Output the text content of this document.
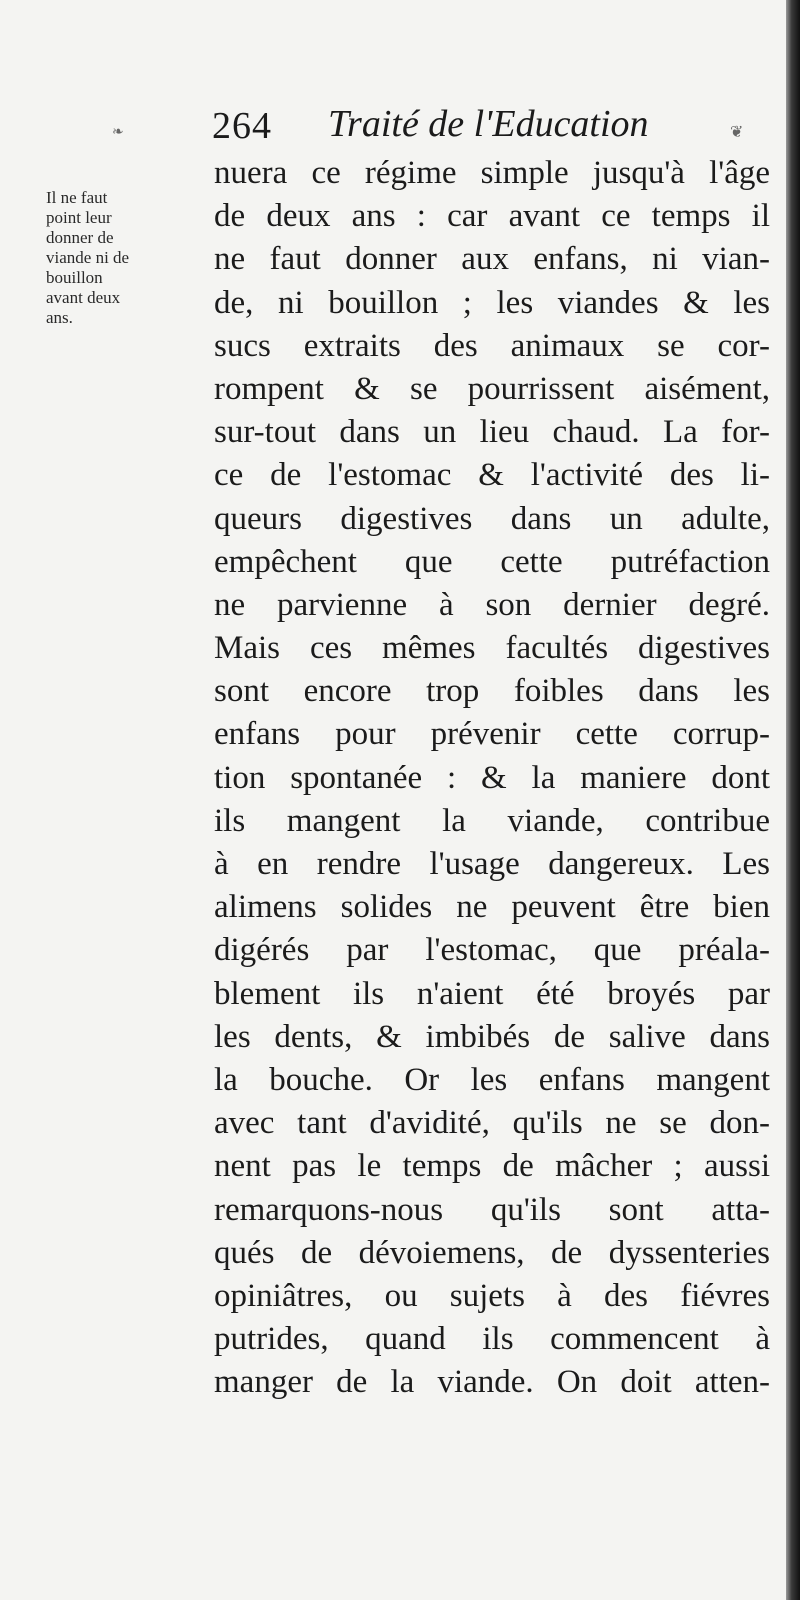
❧	❦
264 Traité de l'Education
Il ne faut
point leur
donner de
viande ni de
bouillon
avant deux
ans.
nuera ce régime simple jusqu'à l'âge
de deux ans : car avant ce temps il
ne faut donner aux enfans, ni vian-
de, ni bouillon ; les viandes & les
sucs extraits des animaux se cor-
rompent & se pourrissent aisément,
sur-tout dans un lieu chaud. La for-
ce de l'estomac & l'activité des li-
queurs digestives dans un adulte,
empêchent que cette putréfaction
ne parvienne à son dernier degré.
Mais ces mêmes facultés digestives
sont encore trop foibles dans les
enfans pour prévenir cette corrup-
tion spontanée : & la maniere dont
ils mangent la viande, contribue
à en rendre l'usage dangereux. Les
alimens solides ne peuvent être bien
digérés par l'estomac, que préala-
blement ils n'aient été broyés par
les dents, & imbibés de salive dans
la bouche. Or les enfans mangent
avec tant d'avidité, qu'ils ne se don-
nent pas le temps de mâcher ; aussi
remarquons-nous qu'ils sont atta-
qués de dévoiemens, de dyssenteries
opiniâtres, ou sujets à des fiévres
putrides, quand ils commencent à
manger de la viande. On doit atten-
